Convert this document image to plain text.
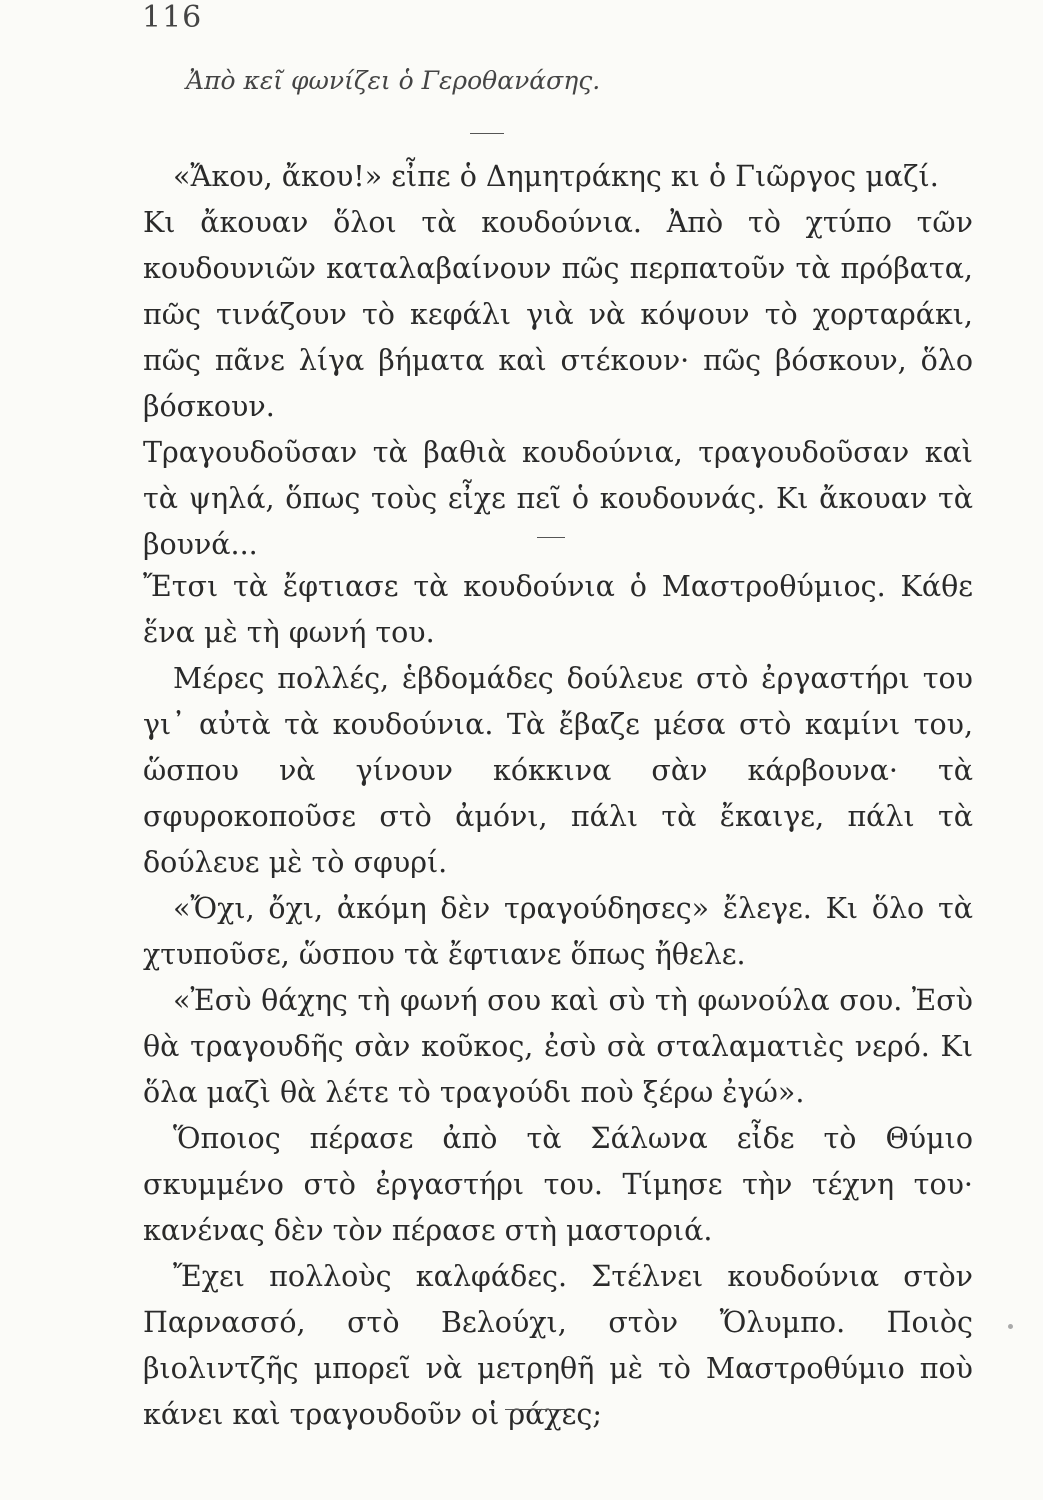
116
Ἀπὸ κεῖ φωνίζει ὁ Γεροθανάσης.

«Ἄκου, ἄκου!» εἶπε ὁ Δημητράκης κι ὁ Γιῶργος μαζί.

Κι ἄκουαν ὅλοι τὰ κουδούνια. Ἀπὸ τὸ χτύπο τῶν κουδουνιῶν καταλαβαίνουν πῶς περπατοῦν τὰ πρόβατα, πῶς τινάζουν τὸ κεφάλι γιὰ νὰ κόψουν τὸ χορταράκι, πῶς πᾶνε λίγα βήματα καὶ στέκουν· πῶς βόσκουν, ὅλο βόσκουν.

Τραγουδοῦσαν τὰ βαθιὰ κουδούνια, τραγουδοῦσαν καὶ τὰ ψηλά, ὅπως τοὺς εἶχε πεῖ ὁ κουδουνάς. Κι ἄκουαν τὰ βουνά...

Ἔτσι τὰ ἔφτιασε τὰ κουδούνια ὁ Μαστροθύμιος. Κάθε ἕνα μὲ τὴ φωνή του.

Μέρες πολλές, ἑβδομάδες δούλευε στὸ ἐργαστήρι του γι᾽ αὐτὰ τὰ κουδούνια. Τὰ ἔβαζε μέσα στὸ καμίνι του, ὥσπου νὰ γίνουν κόκκινα σὰν κάρβουνα· τὰ σφυροκοποῦσε στὸ ἀμόνι, πάλι τὰ ἔκαιγε, πάλι τὰ δούλευε μὲ τὸ σφυρί.

«Ὄχι, ὄχι, ἀκόμη δὲν τραγούδησες» ἔλεγε. Κι ὅλο τὰ χτυποῦσε, ὥσπου τὰ ἔφτιανε ὅπως ἤθελε.

«Ἐσὺ θάχης τὴ φωνή σου καὶ σὺ τὴ φωνούλα σου. Ἐσὺ θὰ τραγουδῆς σὰν κοῦκος, ἐσὺ σὰ σταλαματιὲς νερό. Κι ὅλα μαζὶ θὰ λέτε τὸ τραγούδι ποὺ ξέρω ἐγώ».

Ὅποιος πέρασε ἀπὸ τὰ Σάλωνα εἶδε τὸ Θύμιο σκυμμένο στὸ ἐργαστήρι του. Τίμησε τὴν τέχνη του· κανένας δὲν τὸν πέρασε στὴ μαστοριά.

Ἔχει πολλοὺς καλφάδες. Στέλνει κουδούνια στὸν Παρνασσό, στὸ Βελούχι, στὸν Ὄλυμπο. Ποιὸς βιολιντζῆς μπορεῖ νὰ μετρηθῆ μὲ τὸ Μαστροθύμιο ποὺ κάνει καὶ τραγουδοῦν οἱ ράχες;
